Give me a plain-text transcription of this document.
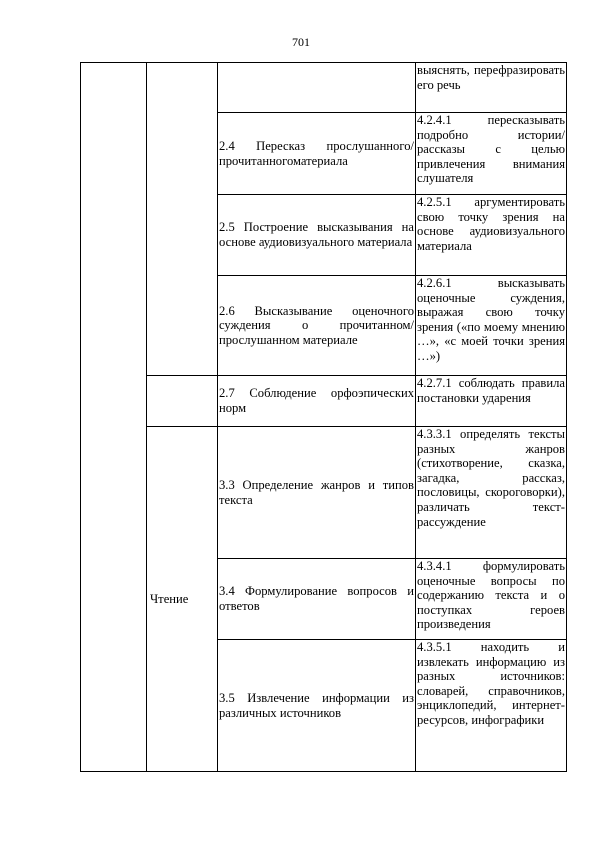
701
			выяснять, перефразировать его речь
		2.4 Пересказ прослушанного/ прочитанногоматериала	4.2.4.1 пересказывать подробно истории/рассказы с целью привлечения внимания слушателя
		2.5 Построение высказывания на основе аудиовизуального материала	4.2.5.1 аргументировать свою точку зрения на основе аудиовизуального материала
		2.6 Высказывание оценочного суждения о прочитанном/ прослушанном материале	4.2.6.1 высказывать оценочные суждения, выражая свою точку зрения («по моему мнению …», «с моей точки зрения …»)
		2.7 Соблюдение орфоэпических норм	4.2.7.1 соблюдать правила постановки ударения
	Чтение	3.3 Определение жанров и типов текста	4.3.3.1 определять тексты разных жанров (стихотворение, сказка, загадка, рассказ, пословицы, скороговорки), различать текст-рассуждение
		3.4 Формулирование вопросов и ответов	4.3.4.1 формулировать оценочные вопросы по содержанию текста и о поступках героев произведения
		3.5 Извлечение информации из различных источников	4.3.5.1 находить и извлекать информацию из разных источников: словарей, справочников, энциклопедий, интернет-ресурсов, инфографики
